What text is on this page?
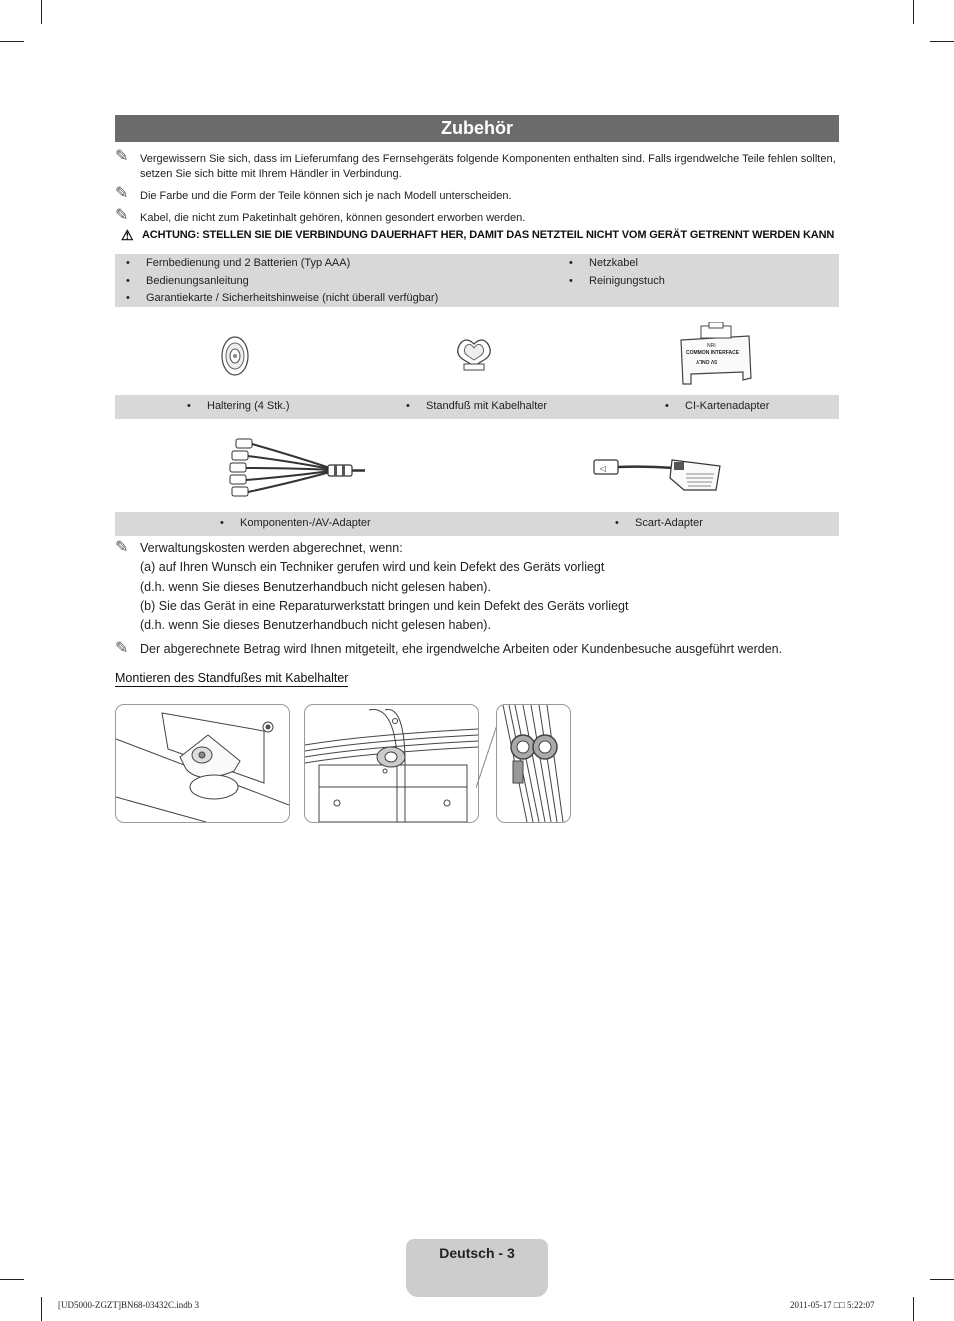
Zubehör
✎ Vergewissern Sie sich, dass im Lieferumfang des Fernsehgeräts folgende Komponenten enthalten sind. Falls irgendwelche Teile fehlen sollten, setzen Sie sich bitte mit Ihrem Händler in Verbindung.
✎ Die Farbe und die Form der Teile können sich je nach Modell unterscheiden.
✎ Kabel, die nicht zum Paketinhalt gehören, können gesondert erworben werden.
⚠ ACHTUNG: STELLEN SIE DIE VERBINDUNG DAUERHAFT HER, DAMIT DAS NETZTEIL NICHT VOM GERÄT GETRENNT WERDEN KANN
• Fernbedienung und 2 Batterien (Typ AAA)
• Bedienungsanleitung
• Garantiekarte / Sicherheitshinweise (nicht überall verfügbar)
• Netzkabel
• Reinigungstuch
NRI
COMMON INTERFACE
5V ONLY
• Haltering (4 Stk.)	• Standfuß mit Kabelhalter	• CI-Kartenadapter
◁
• Komponenten-/AV-Adapter	• Scart-Adapter
✎ Verwaltungskosten werden abgerechnet, wenn:
(a) auf Ihren Wunsch ein Techniker gerufen wird und kein Defekt des Geräts vorliegt
(d.h. wenn Sie dieses Benutzerhandbuch nicht gelesen haben).
(b) Sie das Gerät in eine Reparaturwerkstatt bringen und kein Defekt des Geräts vorliegt
(d.h. wenn Sie dieses Benutzerhandbuch nicht gelesen haben).
✎ Der abgerechnete Betrag wird Ihnen mitgeteilt, ehe irgendwelche Arbeiten oder Kundenbesuche ausgeführt werden.
Montieren des Standfußes mit Kabelhalter
Deutsch - 3
[UD5000-ZGZT]BN68-03432C.indb 3	2011-05-17 □□ 5:22:07
